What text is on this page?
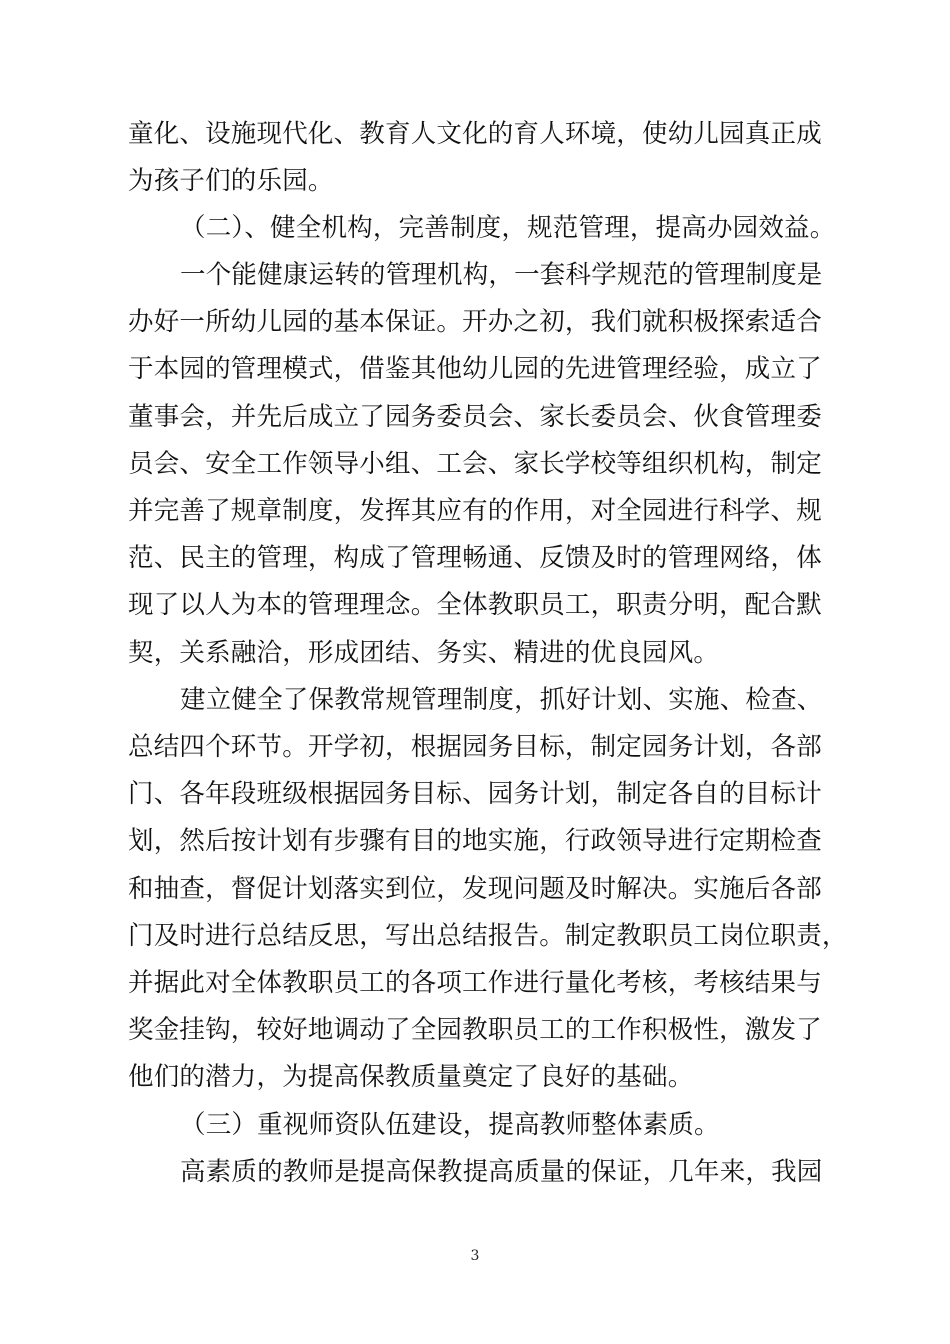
童化、设施现代化、教育人文化的育人环境，使幼儿园真正成
为孩子们的乐园。
（二）、健全机构，完善制度，规范管理，提高办园效益。
一个能健康运转的管理机构，一套科学规范的管理制度是
办好一所幼儿园的基本保证。开办之初，我们就积极探索适合
于本园的管理模式，借鉴其他幼儿园的先进管理经验，成立了
董事会，并先后成立了园务委员会、家长委员会、伙食管理委
员会、安全工作领导小组、工会、家长学校等组织机构，制定
并完善了规章制度，发挥其应有的作用，对全园进行科学、规
范、民主的管理，构成了管理畅通、反馈及时的管理网络，体
现了以人为本的管理理念。全体教职员工，职责分明，配合默
契，关系融洽，形成团结、务实、精进的优良园风。
建立健全了保教常规管理制度，抓好计划、实施、检查、
总结四个环节。开学初，根据园务目标，制定园务计划，各部
门、各年段班级根据园务目标、园务计划，制定各自的目标计
划，然后按计划有步骤有目的地实施，行政领导进行定期检查
和抽查，督促计划落实到位，发现问题及时解决。实施后各部
门及时进行总结反思，写出总结报告。制定教职员工岗位职责，
并据此对全体教职员工的各项工作进行量化考核，考核结果与
奖金挂钩，较好地调动了全园教职员工的工作积极性，激发了
他们的潜力，为提高保教质量奠定了良好的基础。
（三）重视师资队伍建设，提高教师整体素质。
高素质的教师是提高保教提高质量的保证，几年来，我园
3
